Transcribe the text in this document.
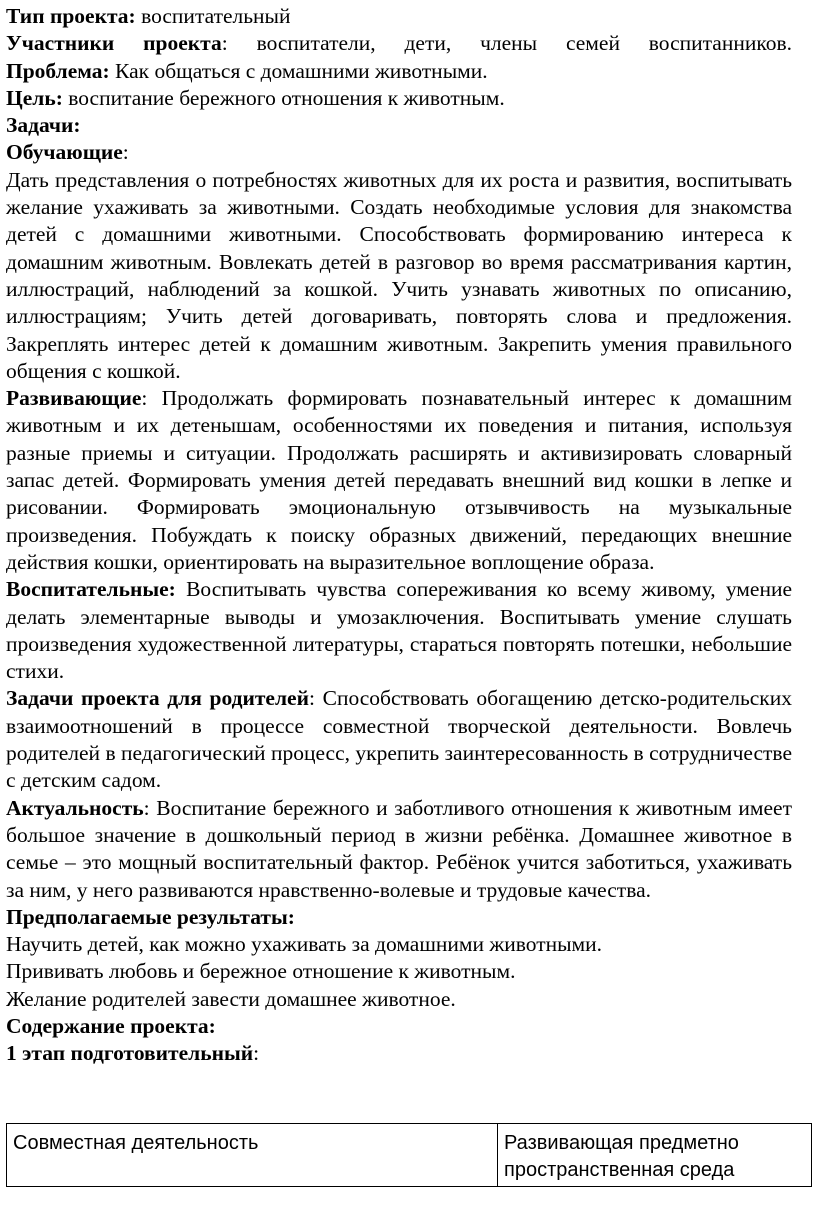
Тип проекта: воспитательный

Участники проекта: воспитатели, дети, члены семей воспитанников.

Проблема: Как общаться с домашними животными.

Цель: воспитание бережного отношения к животным.

Задачи:

Обучающие:

Дать представления о потребностях животных для их роста и развития, воспитывать желание ухаживать за животными. Создать необходимые условия для знакомства детей с домашними животными. Способствовать формированию интереса к домашним животным. Вовлекать детей в разговор во время рассматривания картин, иллюстраций, наблюдений за кошкой. Учить узнавать животных по описанию, иллюстрациям; Учить детей договаривать, повторять слова и предложения. Закреплять интерес детей к домашним животным. Закрепить умения правильного общения с кошкой.

Развивающие: Продолжать формировать познавательный интерес к домашним животным и их детенышам, особенностями их поведения и питания, используя разные приемы и ситуации. Продолжать расширять и активизировать словарный запас детей. Формировать умения детей передавать внешний вид кошки в лепке и рисовании. Формировать эмоциональную отзывчивость на музыкальные произведения. Побуждать к поиску образных движений, передающих внешние действия кошки, ориентировать на выразительное воплощение образа.

Воспитательные: Воспитывать чувства сопереживания ко всему живому, умение делать элементарные выводы и умозаключения. Воспитывать умение слушать произведения художественной литературы, стараться повторять потешки, небольшие стихи.

Задачи проекта для родителей: Способствовать обогащению детско-родительских взаимоотношений в процессе совместной творческой деятельности. Вовлечь родителей в педагогический процесс, укрепить заинтересованность в сотрудничестве с детским садом.

Актуальность: Воспитание бережного и заботливого отношения к животным имеет большое значение в дошкольный период в жизни ребёнка. Домашнее животное в семье – это мощный воспитательный фактор. Ребёнок учится заботиться, ухаживать за ним, у него развиваются нравственно-волевые и трудовые качества.

Предполагаемые результаты:

Научить детей, как можно ухаживать за домашними животными.

Прививать любовь и бережное отношение к животным.

Желание родителей завести домашнее животное.

Содержание проекта:

1 этап подготовительный:

Совместная деятельность	Развивающая предметно пространственная среда
